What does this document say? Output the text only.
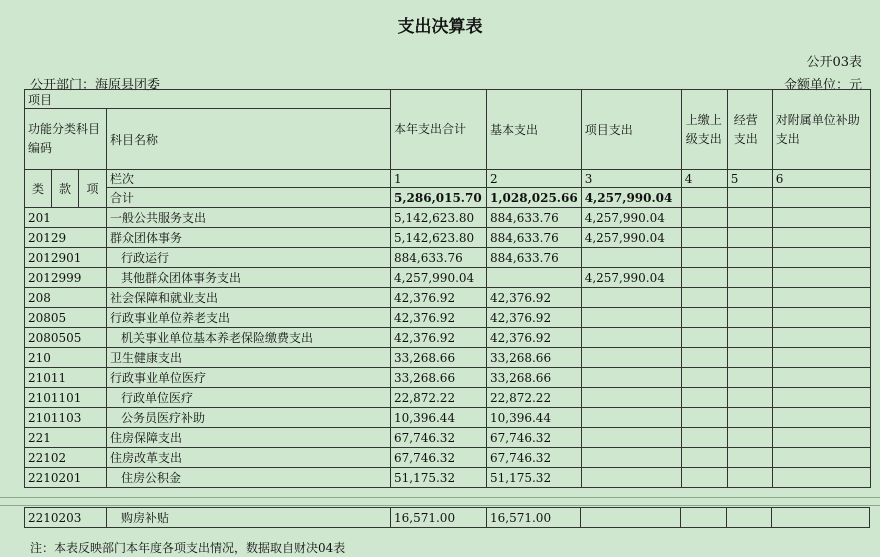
支出决算表
公开03表
公开部门：海原县团委	金额单位：元
项目				本年支出合计	基本支出	项目支出	上缴上级支出	经营支出	对附属单位补助支出
功能分类科目编码			科目名称						

类	款	项	栏次	1	2	3	4	5	6
			合计	5,286,015.70	1,028,025.66	4,257,990.04			
201			一般公共服务支出	5,142,623.80	884,633.76	4,257,990.04			
20129			群众团体事务	5,142,623.80	884,633.76	4,257,990.04			
2012901			行政运行	884,633.76	884,633.76				
2012999			其他群众团体事务支出	4,257,990.04		4,257,990.04			
208			社会保障和就业支出	42,376.92	42,376.92				
20805			行政事业单位养老支出	42,376.92	42,376.92				
2080505			机关事业单位基本养老保险缴费支出	42,376.92	42,376.92				
210			卫生健康支出	33,268.66	33,268.66				
21011			行政事业单位医疗	33,268.66	33,268.66				
2101101			行政单位医疗	22,872.22	22,872.22				
2101103			公务员医疗补助	10,396.44	10,396.44				
221			住房保障支出	67,746.32	67,746.32				
22102			住房改革支出	67,746.32	67,746.32				
2210201			住房公积金	51,175.32	51,175.32				
2210203	购房补贴	16,571.00	16,571.00				
注：本表反映部门本年度各项支出情况，数据取自财决04表
